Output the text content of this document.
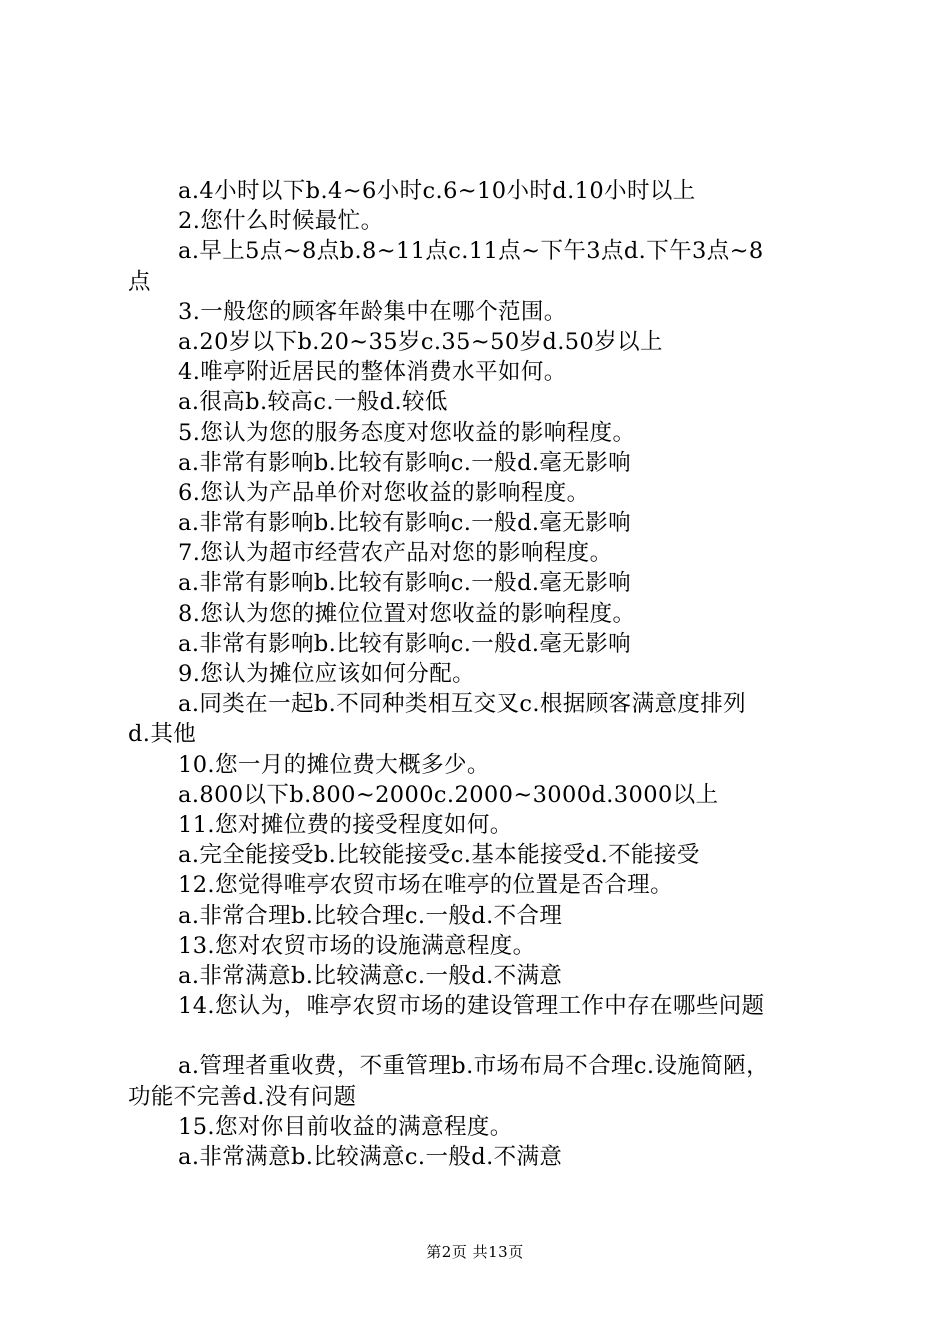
a.4小时以下b.4~6小时c.6~10小时d.10小时以上
2.您什么时候最忙。
a.早上5点~8点b.8~11点c.11点~下午3点d.下午3点~8
点
3.一般您的顾客年龄集中在哪个范围。
a.20岁以下b.20~35岁c.35~50岁d.50岁以上
4.唯亭附近居民的整体消费水平如何。
a.很高b.较高c.一般d.较低
5.您认为您的服务态度对您收益的影响程度。
a.非常有影响b.比较有影响c.一般d.毫无影响
6.您认为产品单价对您收益的影响程度。
a.非常有影响b.比较有影响c.一般d.毫无影响
7.您认为超市经营农产品对您的影响程度。
a.非常有影响b.比较有影响c.一般d.毫无影响
8.您认为您的摊位位置对您收益的影响程度。
a.非常有影响b.比较有影响c.一般d.毫无影响
9.您认为摊位应该如何分配。
a.同类在一起b.不同种类相互交叉c.根据顾客满意度排列
d.其他
10.您一月的摊位费大概多少。
a.800以下b.800~2000c.2000~3000d.3000以上
11.您对摊位费的接受程度如何。
a.完全能接受b.比较能接受c.基本能接受d.不能接受
12.您觉得唯亭农贸市场在唯亭的位置是否合理。
a.非常合理b.比较合理c.一般d.不合理
13.您对农贸市场的设施满意程度。
a.非常满意b.比较满意c.一般d.不满意
14.您认为，唯亭农贸市场的建设管理工作中存在哪些问题
a.管理者重收费，不重管理b.市场布局不合理c.设施简陋，
功能不完善d.没有问题
15.您对你目前收益的满意程度。
a.非常满意b.比较满意c.一般d.不满意
第2页 共13页
